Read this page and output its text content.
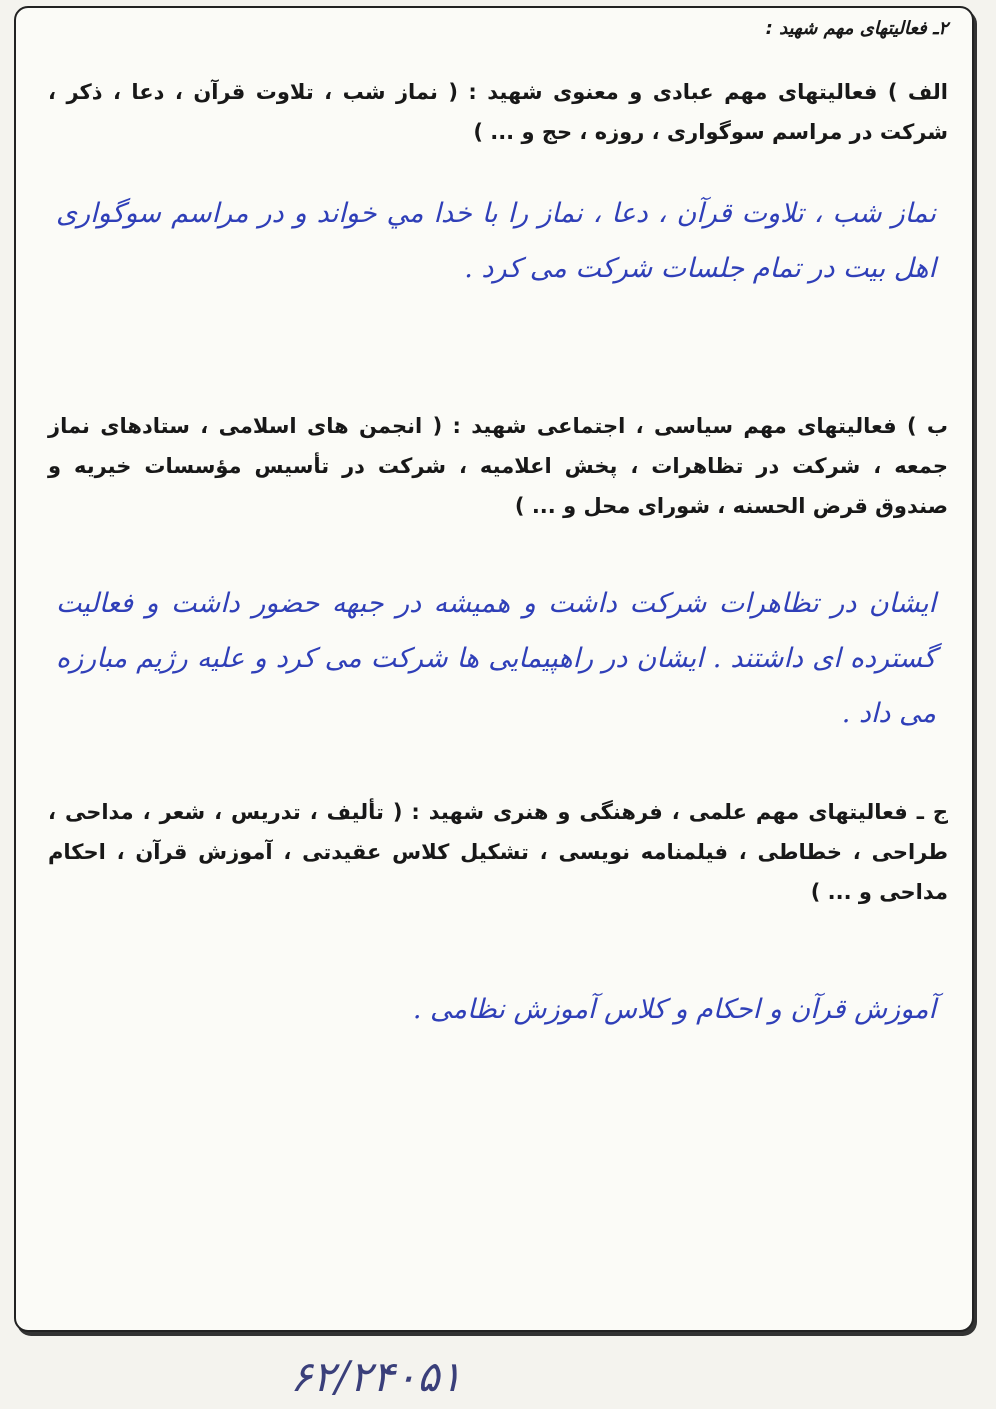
۲ـ فعالیتهای مهم شهید :

الف ) فعالیتهای مهم عبادی و معنوی شهید : ( نماز شب ، تلاوت قرآن ، دعا ، ذکر ، شرکت در مراسم سوگواری ، روزه ، حج و ... )

نماز شب ، تلاوت قرآن ، دعا ، نماز را با خدا مي خواند و در مراسم سوگواری اهل بیت در تمام جلسات شرکت می کرد .

ب ) فعالیتهای مهم سیاسی ، اجتماعی شهید : ( انجمن های اسلامی ، ستادهای نماز جمعه ، شرکت در تظاهرات ، پخش اعلامیه ، شرکت در تأسیس مؤسسات خیریه و صندوق قرض الحسنه ، شورای محل و ... )

ایشان در تظاهرات شرکت داشت و همیشه در جبهه حضور داشت و فعالیت گسترده ای داشتند . ایشان در راهپیمایی ها شرکت می کرد و علیه رژیم مبارزه می داد .

ج ـ فعالیتهای مهم علمی ، فرهنگی و هنری شهید : ( تألیف ، تدریس ، شعر ، مداحی ، طراحی ، خطاطی ، فیلمنامه نویسی ، تشکیل کلاس عقیدتی ، آموزش قرآن ، احکام مداحی و ... )

آموزش قرآن و احکام و کلاس آموزش نظامی .

۶۲/۲۴۰۵۱
